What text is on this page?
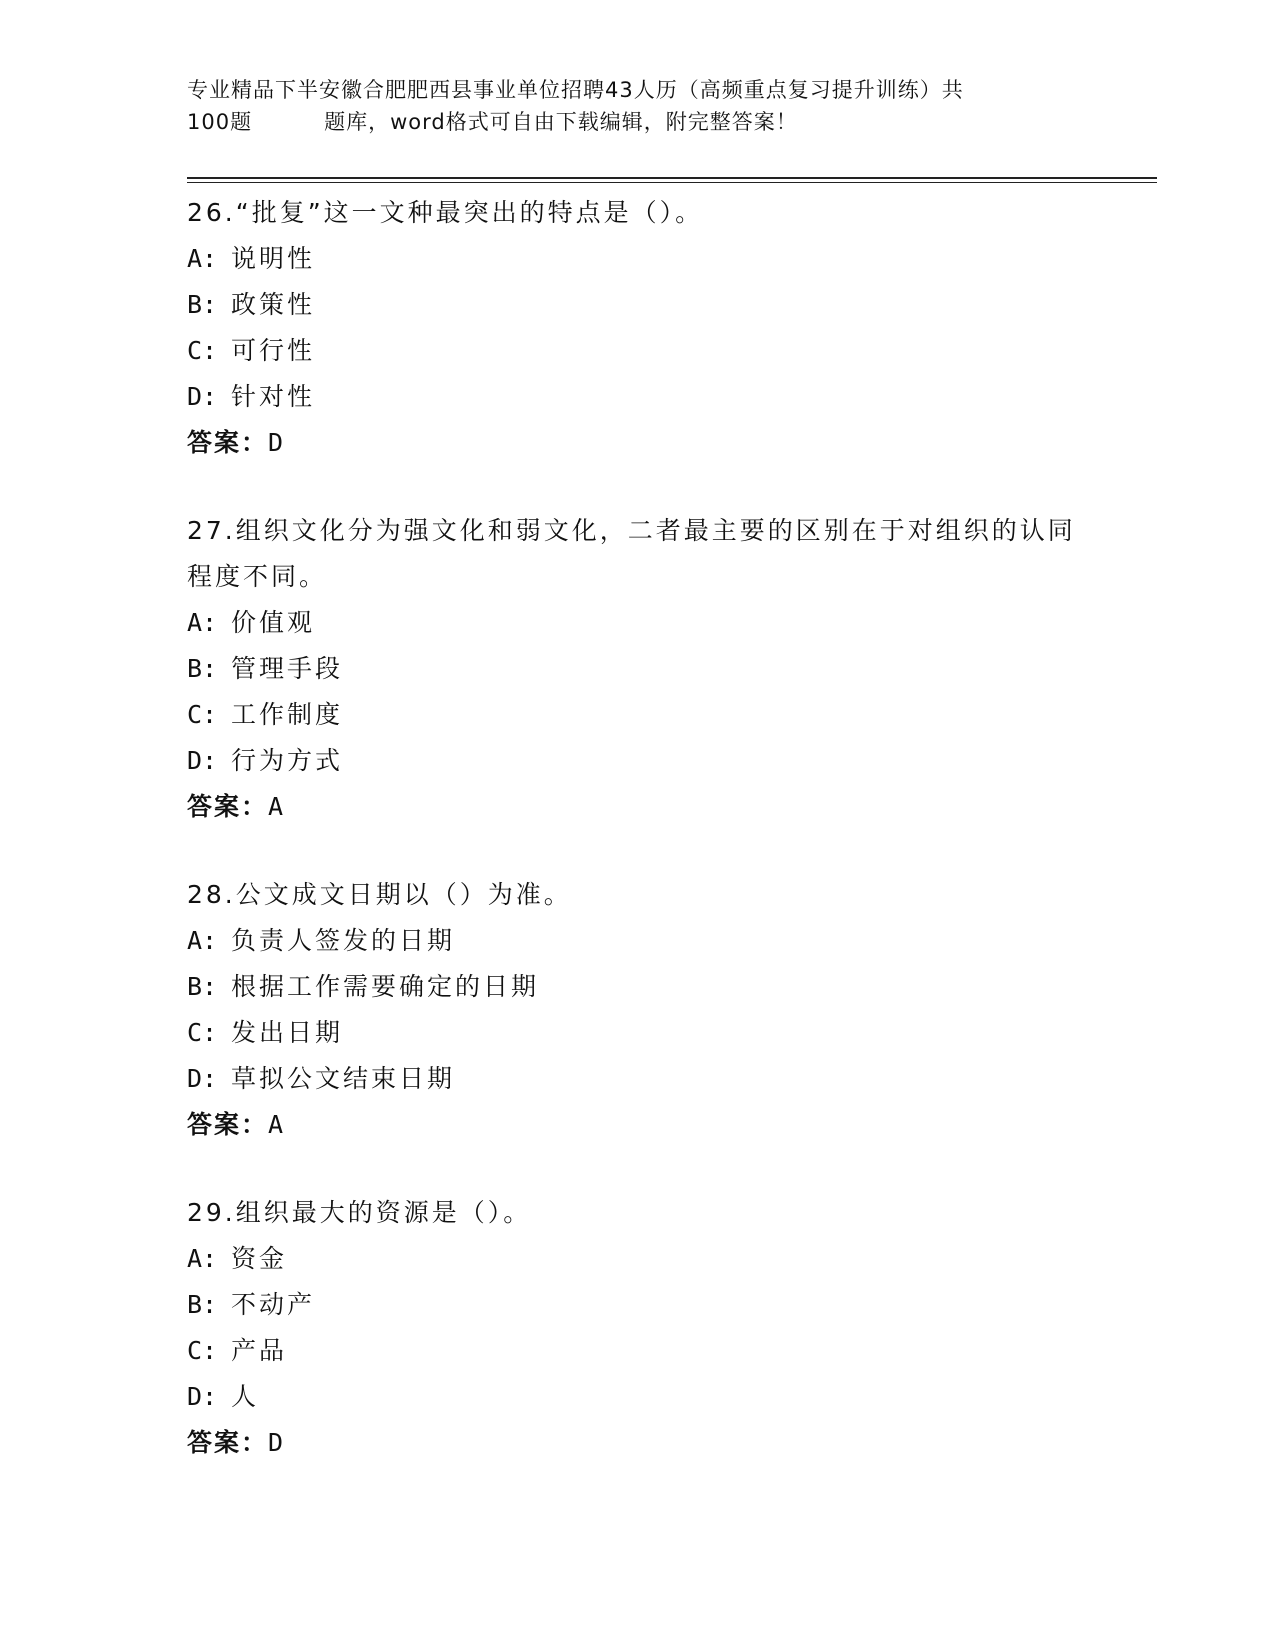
专业精品下半安徽合肥肥西县事业单位招聘43人历（高频重点复习提升训练）共
100题	题库，word格式可自由下载编辑，附完整答案！

26.“批复”这一文种最突出的特点是（）。

A: 说明性

B: 政策性

C: 可行性

D: 针对性

答案：D

27.组织文化分为强文化和弱文化，二者最主要的区别在于对组织的认同程度不同。

A: 价值观

B: 管理手段

C: 工作制度

D: 行为方式

答案：A

28.公文成文日期以（）为准。

A: 负责人签发的日期

B: 根据工作需要确定的日期

C: 发出日期

D: 草拟公文结束日期

答案：A

29.组织最大的资源是（）。

A: 资金

B: 不动产

C: 产品

D: 人

答案：D
